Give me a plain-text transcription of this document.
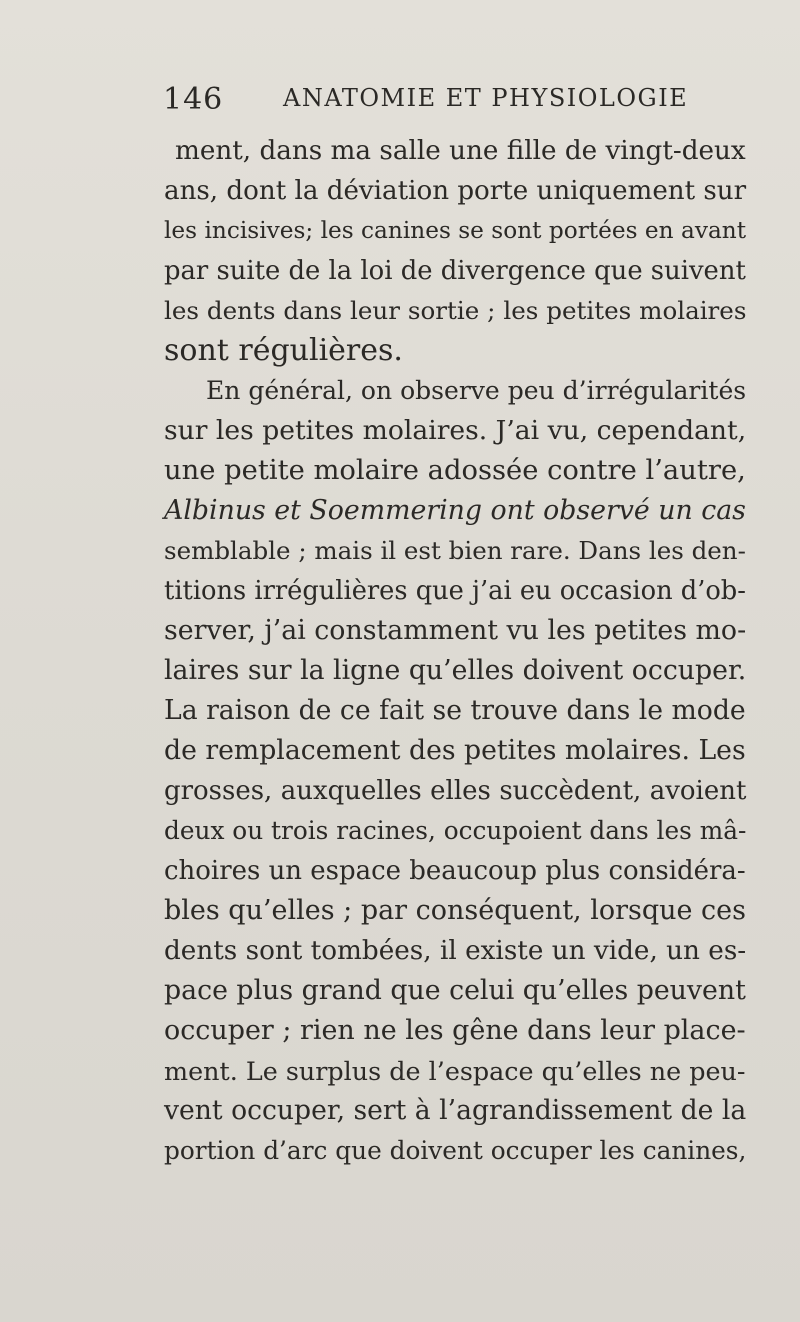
146 ANATOMIE ET PHYSIOLOGIE
ment, dans ma salle une fille de vingt-deux
ans, dont la déviation porte uniquement sur
les incisives; les canines se sont portées en avant
par suite de la loi de divergence que suivent
les dents dans leur sortie ; les petites molaires
sont régulières.
En général, on observe peu d’irrégularités
sur les petites molaires. J’ai vu, cependant,
une petite molaire adossée contre l’autre,
Albinus et Soemmering ont observé un cas
semblable ; mais il est bien rare. Dans les den-
titions irrégulières que j’ai eu occasion d’ob-
server, j’ai constamment vu les petites mo-
laires sur la ligne qu’elles doivent occuper.
La raison de ce fait se trouve dans le mode
de remplacement des petites molaires. Les
grosses, auxquelles elles succèdent, avoient
deux ou trois racines, occupoient dans les mâ-
choires un espace beaucoup plus considéra-
bles qu’elles ; par conséquent, lorsque ces
dents sont tombées, il existe un vide, un es-
pace plus grand que celui qu’elles peuvent
occuper ; rien ne les gêne dans leur place-
ment. Le surplus de l’espace qu’elles ne peu-
vent occuper, sert à l’agrandissement de la
portion d’arc que doivent occuper les canines,
